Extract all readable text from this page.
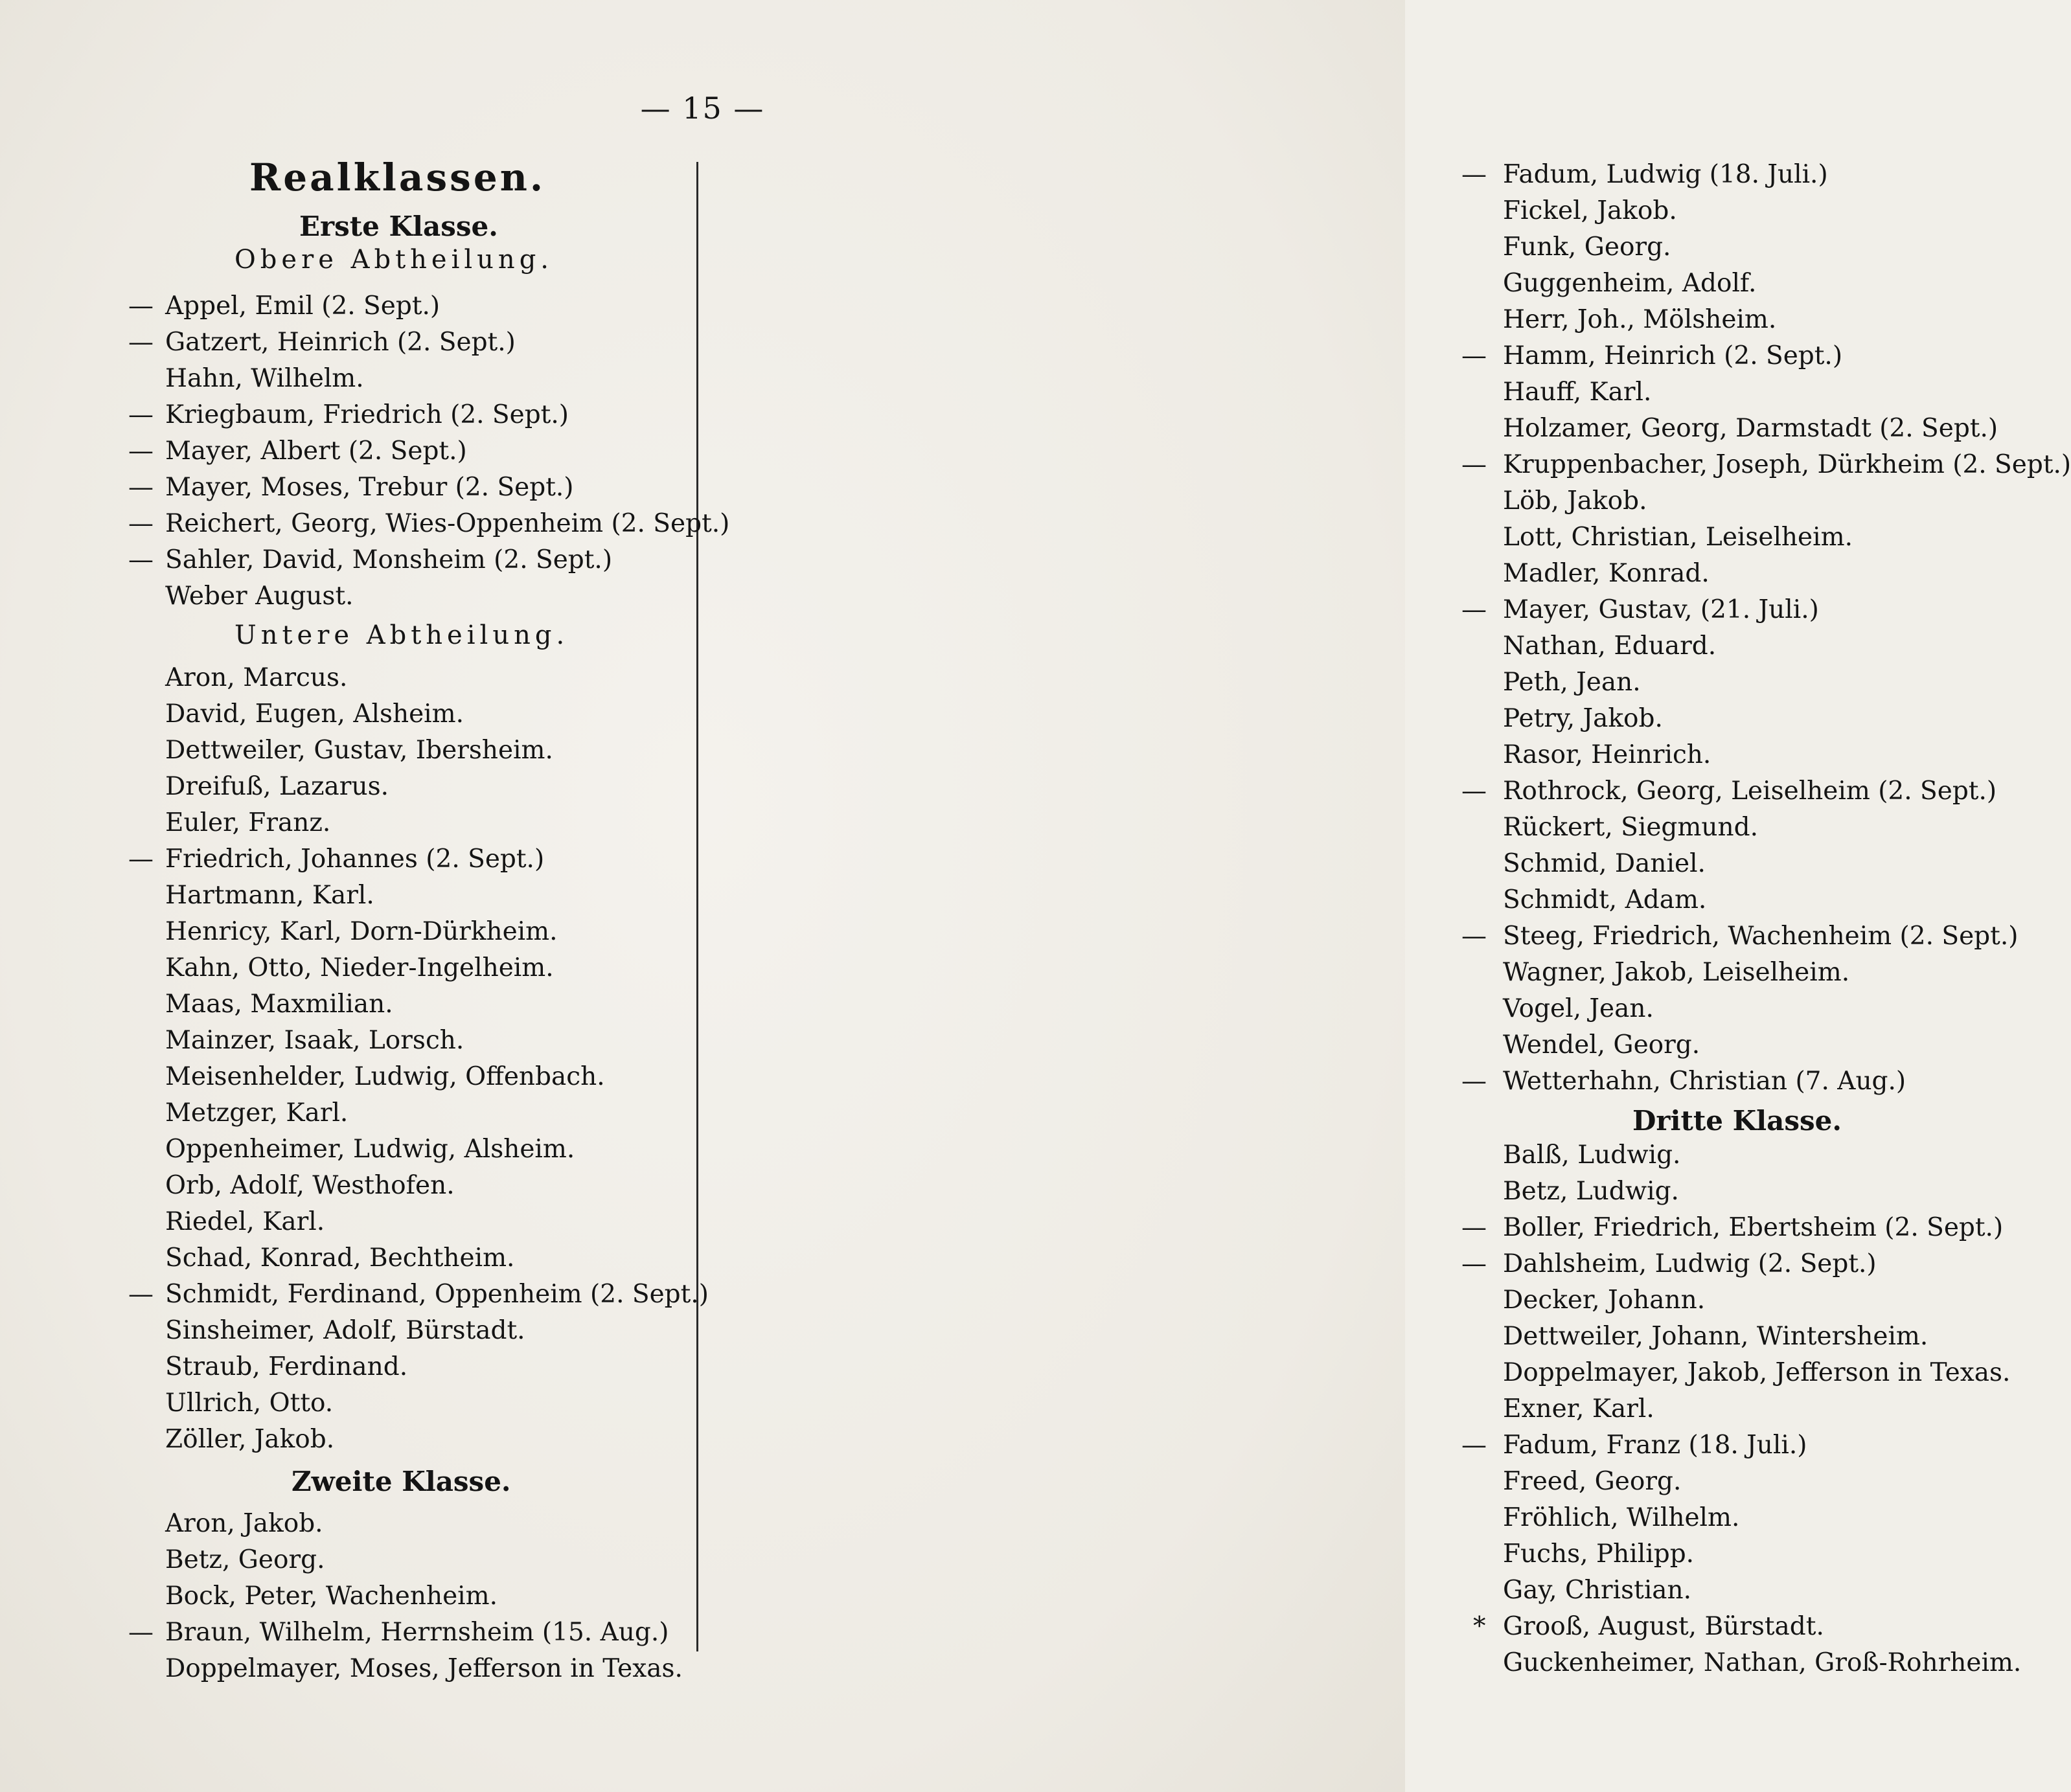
— 15 —
Realklassen.
Erste Klasse.
Obere Abtheilung.
— Appel, Emil (2. Sept.)
— Gatzert, Heinrich (2. Sept.)
Hahn, Wilhelm.
— Kriegbaum, Friedrich (2. Sept.)
— Mayer, Albert (2. Sept.)
— Mayer, Moses, Trebur (2. Sept.)
— Reichert, Georg, Wies-Oppenheim (2. Sept.)
— Sahler, David, Monsheim (2. Sept.)
Weber August.
Untere Abtheilung.
Aron, Marcus.
David, Eugen, Alsheim.
Dettweiler, Gustav, Ibersheim.
Dreifuß, Lazarus.
Euler, Franz.
— Friedrich, Johannes (2. Sept.)
Hartmann, Karl.
Henricy, Karl, Dorn-Dürkheim.
Kahn, Otto, Nieder-Ingelheim.
Maas, Maxmilian.
Mainzer, Isaak, Lorsch.
Meisenhelder, Ludwig, Offenbach.
Metzger, Karl.
Oppenheimer, Ludwig, Alsheim.
Orb, Adolf, Westhofen.
Riedel, Karl.
Schad, Konrad, Bechtheim.
— Schmidt, Ferdinand, Oppenheim (2. Sept.)
Sinsheimer, Adolf, Bürstadt.
Straub, Ferdinand.
Ullrich, Otto.
Zöller, Jakob.
Zweite Klasse.
Aron, Jakob.
Betz, Georg.
Bock, Peter, Wachenheim.
— Braun, Wilhelm, Herrnsheim (15. Aug.)
Doppelmayer, Moses, Jefferson in Texas.
— Fadum, Ludwig (18. Juli.)
Fickel, Jakob.
Funk, Georg.
Guggenheim, Adolf.
Herr, Joh., Mölsheim.
— Hamm, Heinrich (2. Sept.)
Hauff, Karl.
Holzamer, Georg, Darmstadt (2. Sept.)
— Kruppenbacher, Joseph, Dürkheim (2. Sept.)
Löb, Jakob.
Lott, Christian, Leiselheim.
Madler, Konrad.
— Mayer, Gustav, (21. Juli.)
Nathan, Eduard.
Peth, Jean.
Petry, Jakob.
Rasor, Heinrich.
— Rothrock, Georg, Leiselheim (2. Sept.)
Rückert, Siegmund.
Schmid, Daniel.
Schmidt, Adam.
— Steeg, Friedrich, Wachenheim (2. Sept.)
Wagner, Jakob, Leiselheim.
Vogel, Jean.
Wendel, Georg.
— Wetterhahn, Christian (7. Aug.)
Dritte Klasse.
Balß, Ludwig.
Betz, Ludwig.
— Boller, Friedrich, Ebertsheim (2. Sept.)
— Dahlsheim, Ludwig (2. Sept.)
Decker, Johann.
Dettweiler, Johann, Wintersheim.
Doppelmayer, Jakob, Jefferson in Texas.
Exner, Karl.
— Fadum, Franz (18. Juli.)
Freed, Georg.
Fröhlich, Wilhelm.
Fuchs, Philipp.
Gay, Christian.
* Grooß, August, Bürstadt.
Guckenheimer, Nathan, Groß-Rohrheim.
